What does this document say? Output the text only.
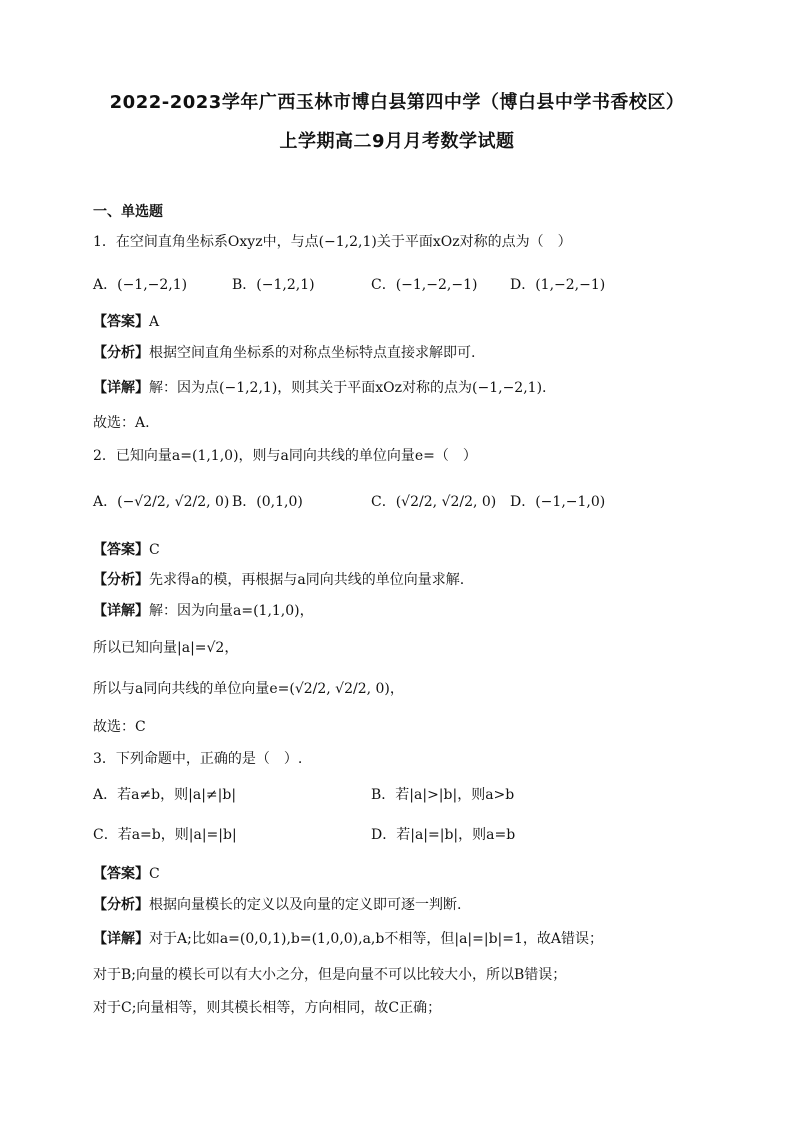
2022-2023学年广西玉林市博白县第四中学（博白县中学书香校区）
上学期高二9月月考数学试题
一、单选题
1．在空间直角坐标系Oxyz中，与点(−1,2,1)关于平面xOz对称的点为（　）
A．(−1,−2,1)	B．(−1,2,1)	C．(−1,−2,−1) D．(1,−2,−1)
【答案】A
【分析】根据空间直角坐标系的对称点坐标特点直接求解即可.
【详解】解：因为点(−1,2,1)，则其关于平面xOz对称的点为(−1,−2,1).
故选：A.
2．已知向量a=(1,1,0)，则与a同向共线的单位向量e=（　）
A．(−√2/2, √2/2, 0) B．(0,1,0)	C．(√2/2, √2/2, 0) D．(−1,−1,0)
【答案】C
【分析】先求得a的模，再根据与a同向共线的单位向量求解.
【详解】解：因为向量a=(1,1,0)，
所以已知向量|a|=√2，
所以与a同向共线的单位向量e=(√2/2, √2/2, 0)，
故选：C
3．下列命题中，正确的是（　）.
A．若a≠b，则|a|≠|b|	B．若|a|>|b|，则a>b
C．若a=b，则|a|=|b|	D．若|a|=|b|，则a=b
【答案】C
【分析】根据向量模长的定义以及向量的定义即可逐一判断.
【详解】对于A;比如a=(0,0,1),b=(1,0,0),a,b不相等，但|a|=|b|=1，故A错误；
对于B;向量的模长可以有大小之分，但是向量不可以比较大小，所以B错误；
对于C;向量相等，则其模长相等，方向相同，故C正确；
